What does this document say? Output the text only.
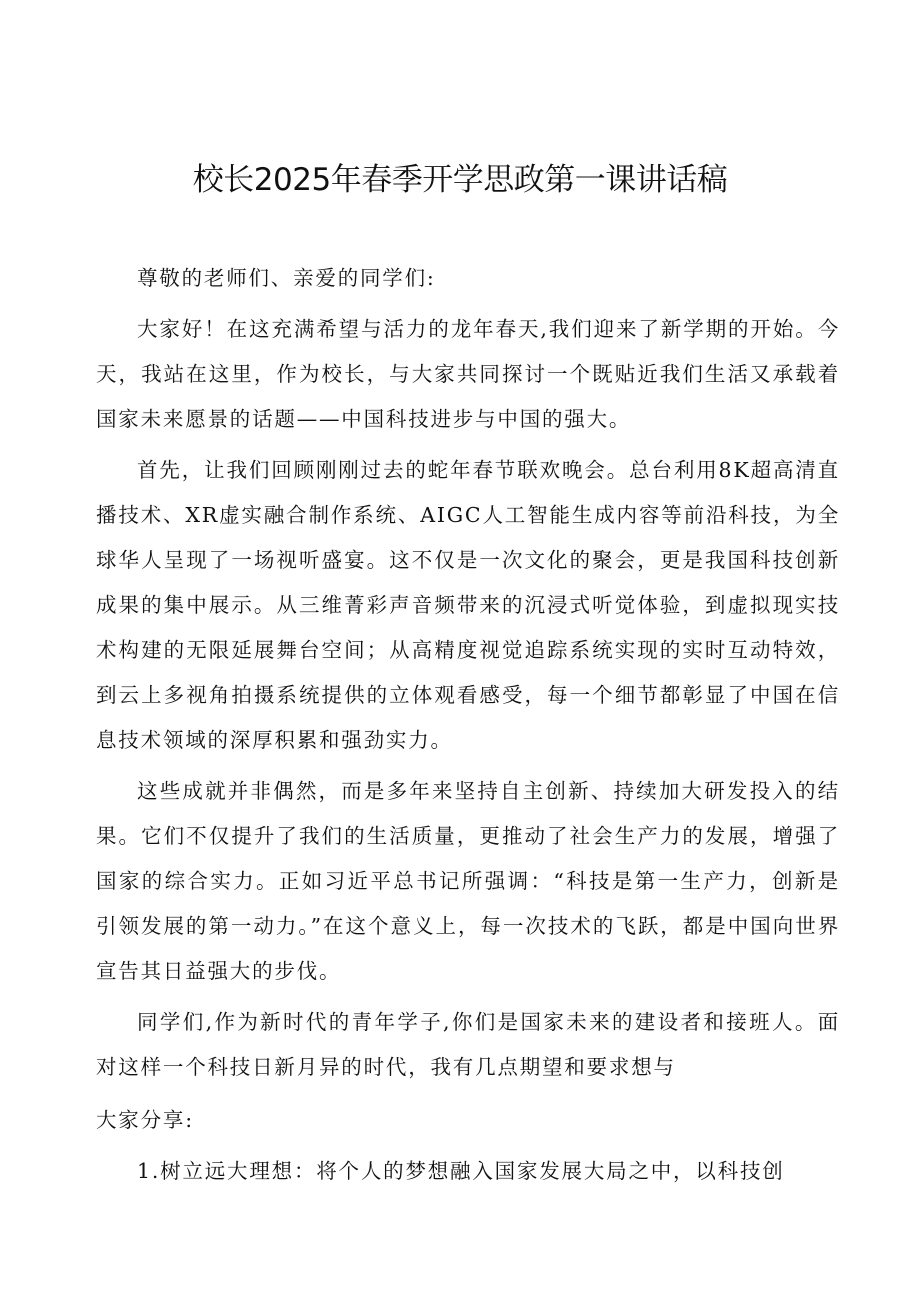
校长2025年春季开学思政第一课讲话稿

尊敬的老师们、亲爱的同学们:

大家好！在这充满希望与活力的龙年春天,我们迎来了新学期的开始。今天，我站在这里，作为校长，与大家共同探讨一个既贴近我们生活又承载着国家未来愿景的话题——中国科技进步与中国的强大。

首先，让我们回顾刚刚过去的蛇年春节联欢晚会。总台利用8K超高清直播技术、XR虚实融合制作系统、AIGC人工智能生成内容等前沿科技，为全球华人呈现了一场视听盛宴。这不仅是一次文化的聚会，更是我国科技创新成果的集中展示。从三维菁彩声音频带来的沉浸式听觉体验，到虚拟现实技术构建的无限延展舞台空间；从高精度视觉追踪系统实现的实时互动特效，到云上多视角拍摄系统提供的立体观看感受，每一个细节都彰显了中国在信息技术领域的深厚积累和强劲实力。

这些成就并非偶然，而是多年来坚持自主创新、持续加大研发投入的结果。它们不仅提升了我们的生活质量，更推动了社会生产力的发展，增强了国家的综合实力。正如习近平总书记所强调：“科技是第一生产力，创新是引领发展的第一动力。”在这个意义上，每一次技术的飞跃，都是中国向世界宣告其日益强大的步伐。

同学们,作为新时代的青年学子,你们是国家未来的建设者和接班人。面对这样一个科技日新月异的时代，我有几点期望和要求想与

大家分享:

1.树立远大理想：将个人的梦想融入国家发展大局之中，以科技创
